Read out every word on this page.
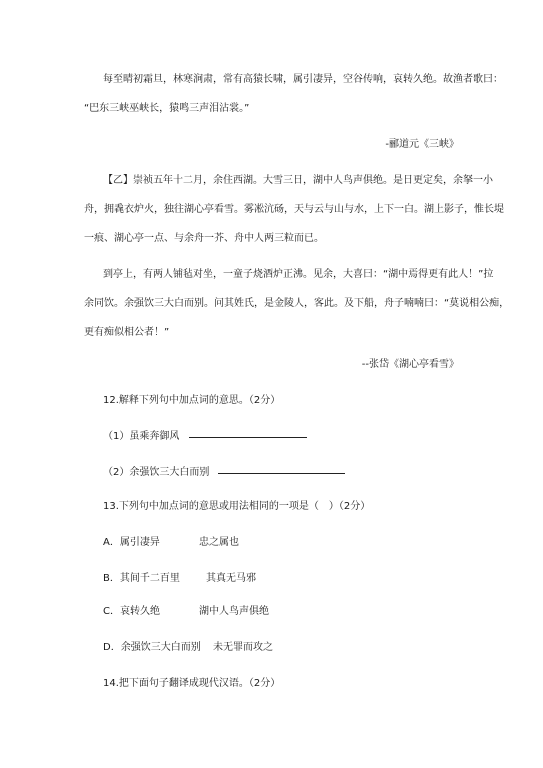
每至晴初霜旦，林寒涧肃，常有高猿长啸，属引凄异，空谷传响，哀转久绝。故渔者歌曰：
“巴东三峡巫峡长，猿鸣三声泪沾裳。”
-郦道元《三峡》
【乙】崇祯五年十二月，余住西湖。大雪三日，湖中人鸟声俱绝。是日更定矣，余拏一小
舟，拥毳衣炉火，独往湖心亭看雪。雾凇沆砀，天与云与山与水，上下一白。湖上影子，惟长堤
一痕、湖心亭一点、与余舟一芥、舟中人两三粒而已。
到亭上，有两人铺毡对坐，一童子烧酒炉正沸。见余，大喜曰：“湖中焉得更有此人！”拉
余同饮。余强饮三大白而别。问其姓氏，是金陵人，客此。及下船，舟子喃喃曰：“莫说相公痴，
更有痴似相公者！”
--张岱《湖心亭看雪》
12.解释下列句中加点词的意思。（2分）
（1）虽乘奔御风
（2）余强饮三大白而别
13.下列句中加点词的意思或用法相同的一项是（　）（2分）
A．属引凄异	忠之属也
B．其间千二百里	其真无马邪
C．哀转久绝	湖中人鸟声俱绝
D．余强饮三大白而别 未无罪而攻之
14.把下面句子翻译成现代汉语。（2分）
